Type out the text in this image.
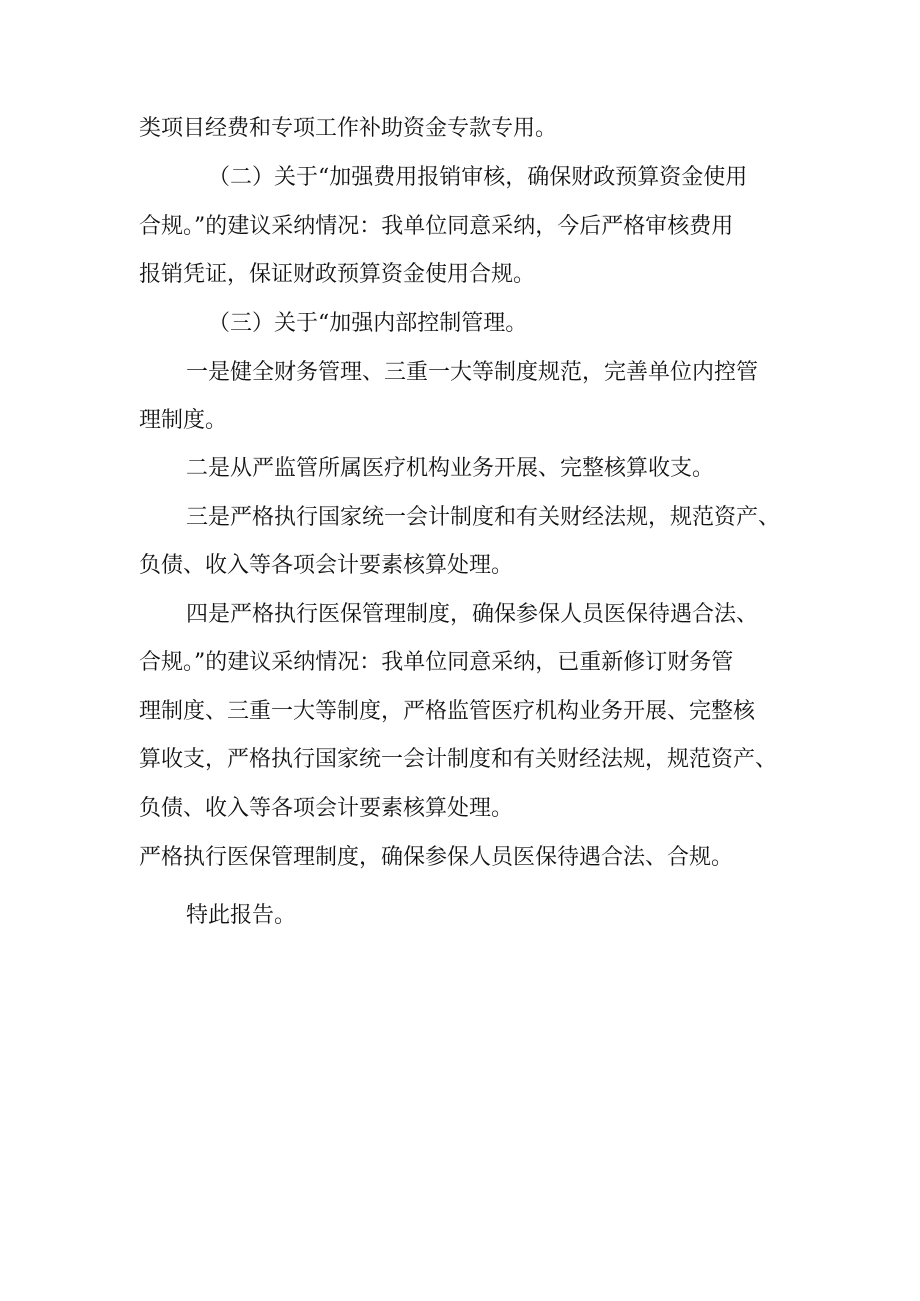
类项目经费和专项工作补助资金专款专用。
（二）关于“加强费用报销审核，确保财政预算资金使用
合规。”的建议采纳情况：我单位同意采纳，今后严格审核费用
报销凭证，保证财政预算资金使用合规。
（三）关于“加强内部控制管理。
一是健全财务管理、三重一大等制度规范，完善单位内控管
理制度。
二是从严监管所属医疗机构业务开展、完整核算收支。
三是严格执行国家统一会计制度和有关财经法规，规范资产、
负债、收入等各项会计要素核算处理。
四是严格执行医保管理制度，确保参保人员医保待遇合法、
合规。”的建议采纳情况：我单位同意采纳，已重新修订财务管
理制度、三重一大等制度，严格监管医疗机构业务开展、完整核
算收支，严格执行国家统一会计制度和有关财经法规，规范资产、
负债、收入等各项会计要素核算处理。
严格执行医保管理制度，确保参保人员医保待遇合法、合规。
特此报告。
